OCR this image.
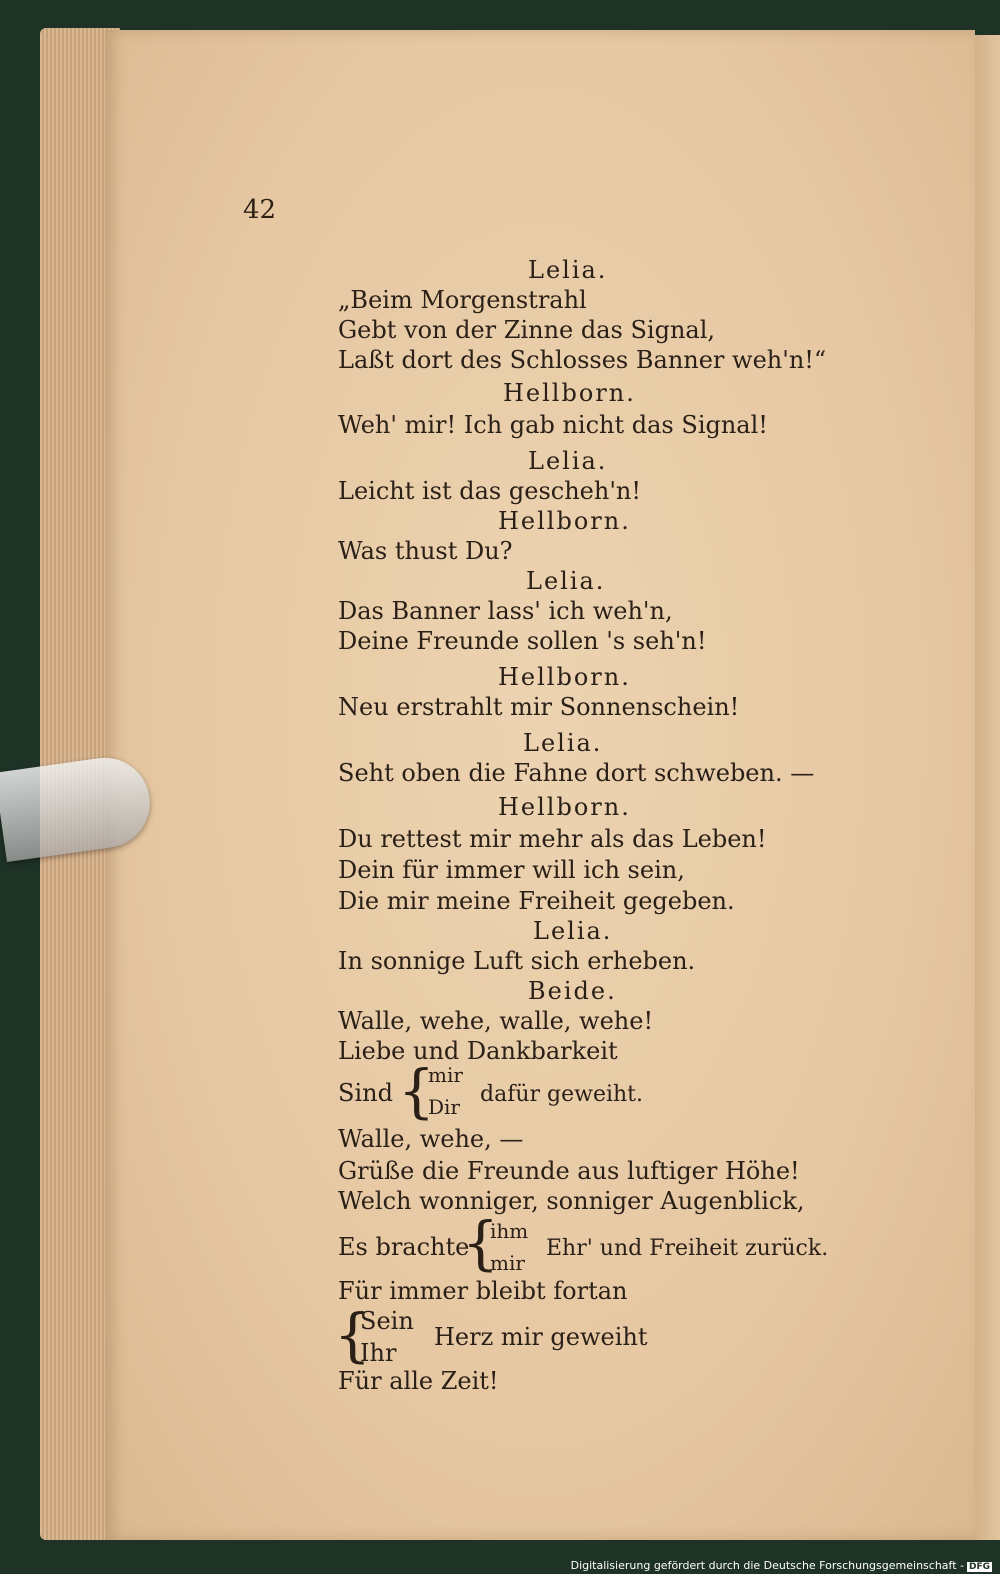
42
Lelia.
„Beim Morgenstrahl
Gebt von der Zinne das Signal,
Laßt dort des Schlosses Banner weh'n!“
Hellborn.
Weh' mir! Ich gab nicht das Signal!
Lelia.
Leicht ist das gescheh'n!
Hellborn.
Was thust Du?
Lelia.
Das Banner lass' ich weh'n,
Deine Freunde sollen 's seh'n!
Hellborn.
Neu erstrahlt mir Sonnenschein!
Lelia.
Seht oben die Fahne dort schweben. —
Hellborn.
Du rettest mir mehr als das Leben!
Dein für immer will ich sein,
Die mir meine Freiheit gegeben.
Lelia.
In sonnige Luft sich erheben.
Beide.
Walle, wehe, walle, wehe!
Liebe und Dankbarkeit
Sind {
mir
Dir dafür geweiht.
Walle, wehe, —
Grüße die Freunde aus luftiger Höhe!
Welch wonniger, sonniger Augenblick,
Es brachte
{
ihm
mir
Ehr' und Freiheit zurück.
Für immer bleibt fortan
{
Sein
Ihr
Herz mir geweiht
Für alle Zeit!
Digitalisierung gefördert durch die Deutsche Forschungsgemeinschaft - DFG
